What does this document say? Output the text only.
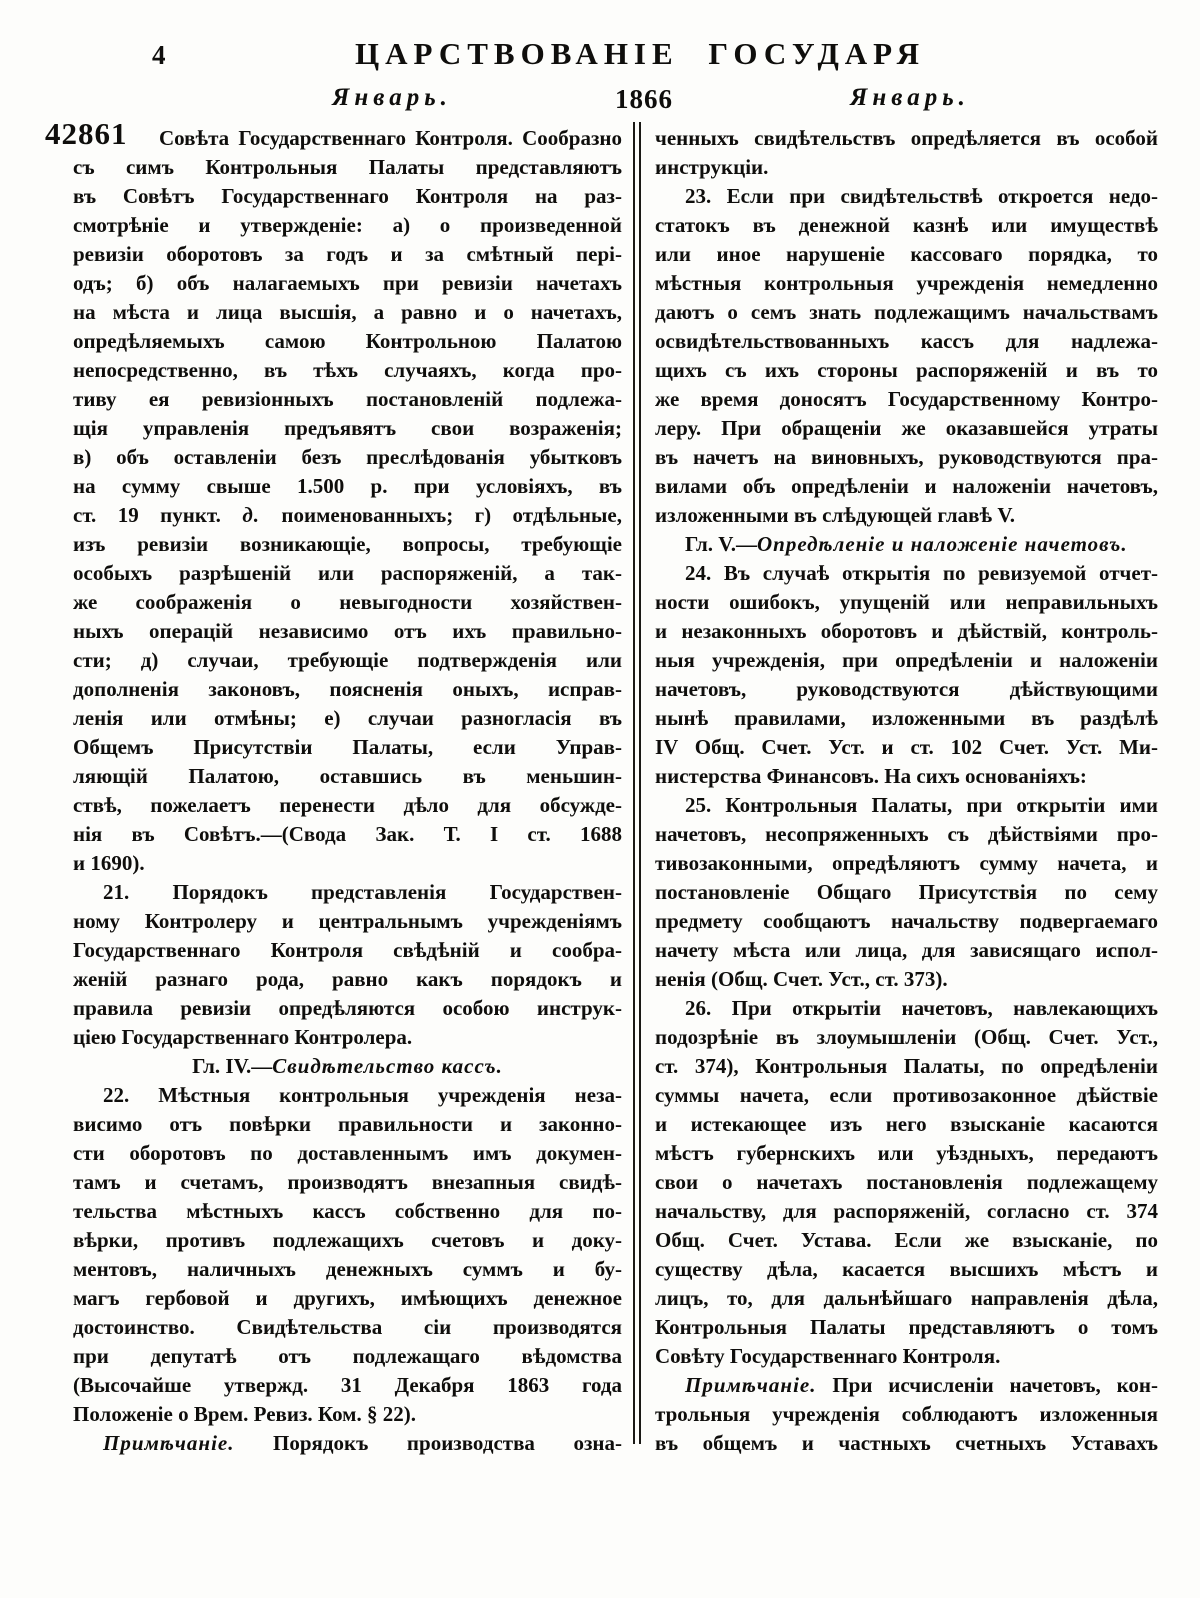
4	ЦАРСТВОВАНІЕ ГОСУДАРЯ
Январь.	1866	Январь.
42861 Совѣта Государственнаго Контроля. Сообразно
съ симъ Контрольныя Палаты представляютъ
въ Совѣтъ Государственнаго Контроля на раз-
смотрѣніе и утвержденіе: а) о произведенной
ревизіи оборотовъ за годъ и за смѣтный пері-
одъ; б) объ налагаемыхъ при ревизіи начетахъ
на мѣста и лица высшія, а равно и о начетахъ,
опредѣляемыхъ самою Контрольною Палатою
непосредственно, въ тѣхъ случаяхъ, когда про-
тиву ея ревизіонныхъ постановленій подлежа-
щія управленія предъявятъ свои возраженія;
в) объ оставленіи безъ преслѣдованія убытковъ
на сумму свыше 1.500 р. при условіяхъ, въ
ст. 19 пункт. д. поименованныхъ; г) отдѣльные,
изъ ревизіи возникающіе, вопросы, требующіе
особыхъ разрѣшеній или распоряженій, а так-
же соображенія о невыгодности хозяйствен-
ныхъ операцій независимо отъ ихъ правильно-
сти; д) случаи, требующіе подтвержденія или
дополненія законовъ, поясненія оныхъ, исправ-
ленія или отмѣны; е) случаи разногласія въ
Общемъ Присутствіи Палаты, если Управ-
ляющій Палатою, оставшись въ меньшин-
ствѣ, пожелаетъ перенести дѣло для обсужде-
нія въ Совѣтъ.—(Свода Зак. Т. I ст. 1688
и 1690).
21. Порядокъ представленія Государствен-
ному Контролеру и центральнымъ учрежденіямъ
Государственнаго Контроля свѣдѣній и сообра-
женій разнаго рода, равно какъ порядокъ и
правила ревизіи опредѣляются особою инструк-
ціею Государственнаго Контролера.
Гл. IV.—Свидѣтельство кассъ.
22. Мѣстныя контрольныя учрежденія неза-
висимо отъ повѣрки правильности и законно-
сти оборотовъ по доставленнымъ имъ докумен-
тамъ и счетамъ, производятъ внезапныя свидѣ-
тельства мѣстныхъ кассъ собственно для по-
вѣрки, противъ подлежащихъ счетовъ и доку-
ментовъ, наличныхъ денежныхъ суммъ и бу-
магъ гербовой и другихъ, имѣющихъ денежное
достоинство. Свидѣтельства сіи производятся
при депутатѣ отъ подлежащаго вѣдомства
(Высочайше утвержд. 31 Декабря 1863 года
Положеніе о Врем. Ревиз. Ком. § 22).
Примѣчаніе. Порядокъ производства озна-
ченныхъ свидѣтельствъ опредѣляется въ особой
инструкціи.
23. Если при свидѣтельствѣ откроется недо-
статокъ въ денежной казнѣ или имуществѣ
или иное нарушеніе кассоваго порядка, то
мѣстныя контрольныя учрежденія немедленно
даютъ о семъ знать подлежащимъ начальствамъ
освидѣтельствованныхъ кассъ для надлежа-
щихъ съ ихъ стороны распоряженій и въ то
же время доносятъ Государственному Контро-
леру. При обращеніи же оказавшейся утраты
въ начетъ на виновныхъ, руководствуются пра-
вилами объ опредѣленіи и наложеніи начетовъ,
изложенными въ слѣдующей главѣ V.
Гл. V.—Опредѣленіе и наложеніе начетовъ.
24. Въ случаѣ открытія по ревизуемой отчет-
ности ошибокъ, упущеній или неправильныхъ
и незаконныхъ оборотовъ и дѣйствій, контроль-
ныя учрежденія, при опредѣленіи и наложеніи
начетовъ, руководствуются дѣйствующими
нынѣ правилами, изложенными въ раздѣлѣ
IV Общ. Счет. Уст. и ст. 102 Счет. Уст. Ми-
нистерства Финансовъ. На сихъ основаніяхъ:
25. Контрольныя Палаты, при открытіи ими
начетовъ, несопряженныхъ съ дѣйствіями про-
тивозаконными, опредѣляютъ сумму начета, и
постановленіе Общаго Присутствія по сему
предмету сообщаютъ начальству подвергаемаго
начету мѣста или лица, для зависящаго испол-
ненія (Общ. Счет. Уст., ст. 373).
26. При открытіи начетовъ, навлекающихъ
подозрѣніе въ злоумышленіи (Общ. Счет. Уст.,
ст. 374), Контрольныя Палаты, по опредѣленіи
суммы начета, если противозаконное дѣйствіе
и истекающее изъ него взысканіе касаются
мѣстъ губернскихъ или уѣздныхъ, передаютъ
свои о начетахъ постановленія подлежащему
начальству, для распоряженій, согласно ст. 374
Общ. Счет. Устава. Если же взысканіе, по
существу дѣла, касается высшихъ мѣстъ и
лицъ, то, для дальнѣйшаго направленія дѣла,
Контрольныя Палаты представляютъ о томъ
Совѣту Государственнаго Контроля.
Примѣчаніе. При исчисленіи начетовъ, кон-
трольныя учрежденія соблюдаютъ изложенныя
въ общемъ и частныхъ счетныхъ Уставахъ
